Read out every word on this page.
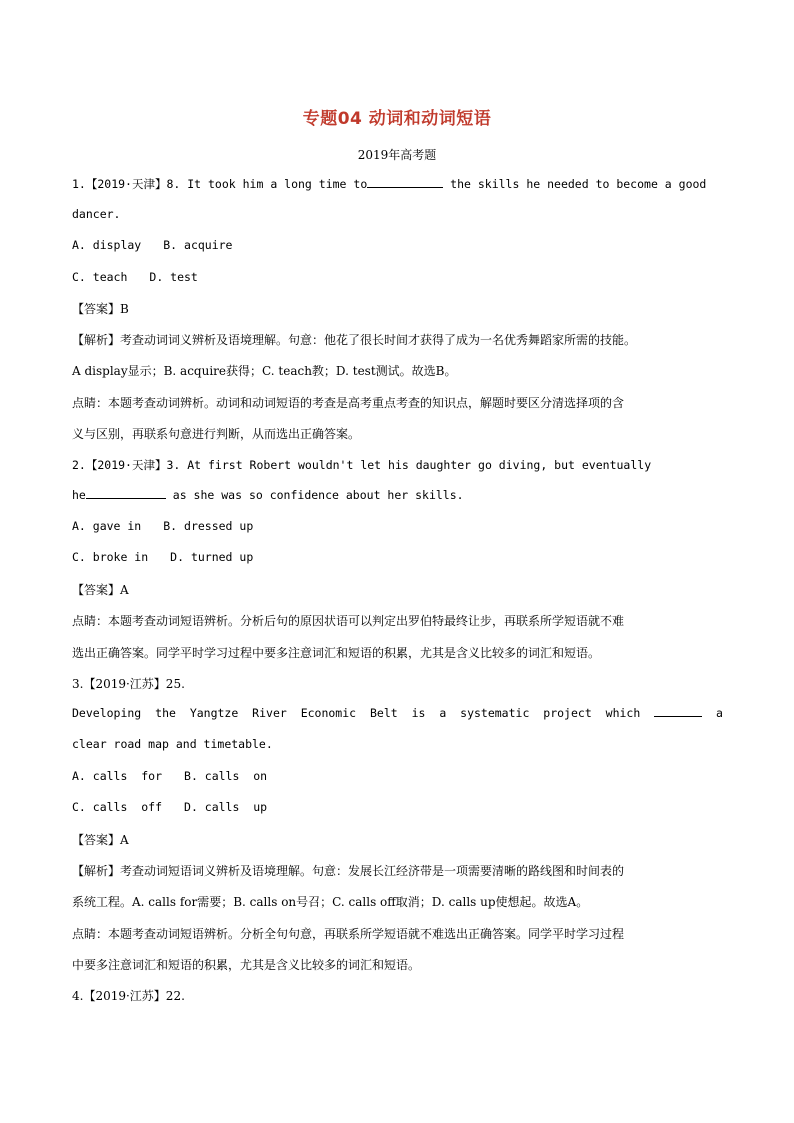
专题04 动词和动词短语
2019年高考题
1.【2019·天津】8. It took him a long time to	the skills he needed to become a good
dancer.
A. display B. acquire
C. teach D. test
【答案】B
【解析】考查动词词义辨析及语境理解。句意：他花了很长时间才获得了成为一名优秀舞蹈家所需的技能。
A display显示；B. acquire获得；C. teach教；D. test测试。故选B。
点睛：本题考查动词辨析。动词和动词短语的考查是高考重点考查的知识点，解题时要区分清选择项的含
义与区别，再联系句意进行判断，从而选出正确答案。
2.【2019·天津】3. At first Robert wouldn't let his daughter go diving, but eventually
he	as she was so confidence about her skills.
A. gave in B. dressed up
C. broke in D. turned up
【答案】A
点睛：本题考查动词短语辨析。分析后句的原因状语可以判定出罗伯特最终让步，再联系所学短语就不难
选出正确答案。同学平时学习过程中要多注意词汇和短语的积累，尤其是含义比较多的词汇和短语。
3.【2019·江苏】25.
Developing the Yangtze River Economic Belt is a systematic project which	a
clear road map and timetable.
A. calls  for B. calls  on
C. calls  off D. calls  up
【答案】A
【解析】考查动词短语词义辨析及语境理解。句意：发展长江经济带是一项需要清晰的路线图和时间表的
系统工程。A. calls for需要；B. calls on号召；C. calls off取消；D. calls up使想起。故选A。
点睛：本题考查动词短语辨析。分析全句句意，再联系所学短语就不难选出正确答案。同学平时学习过程
中要多注意词汇和短语的积累，尤其是含义比较多的词汇和短语。
4.【2019·江苏】22.
